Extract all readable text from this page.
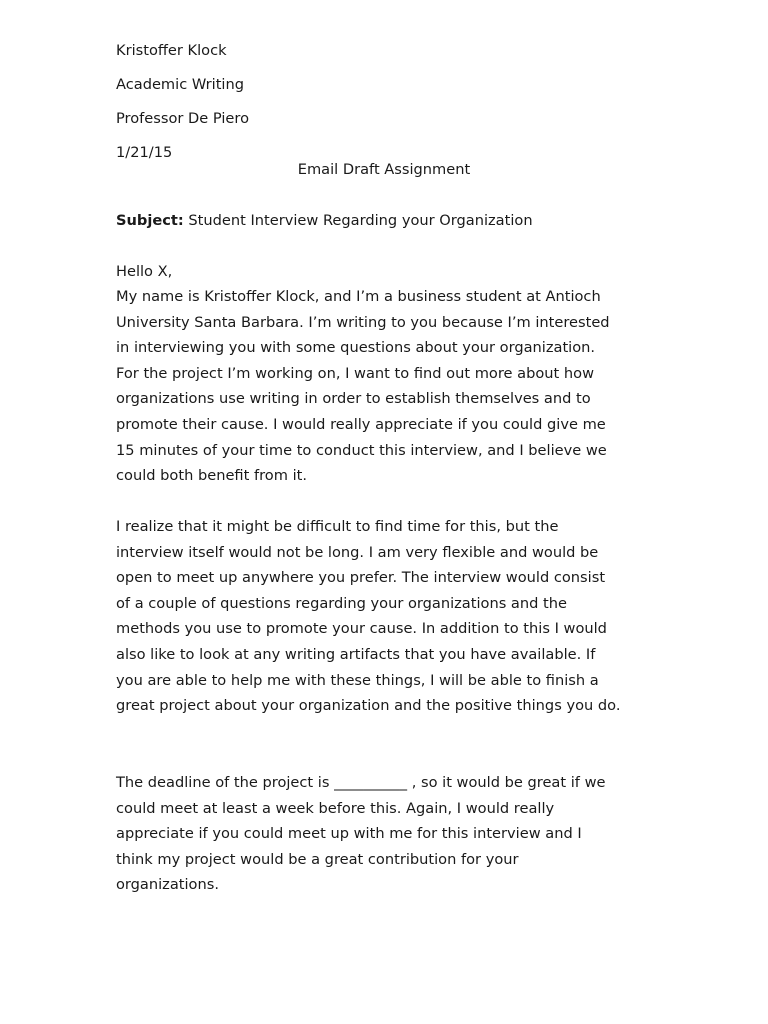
Kristoffer Klock
Academic Writing
Professor De Piero
1/21/15
Email Draft Assignment
Subject: Student Interview Regarding your Organization
Hello X,
My name is Kristoffer Klock, and I’m a business student at Antioch
University Santa Barbara. I’m writing to you because I’m interested
in interviewing you with some questions about your organization.
For the project I’m working on, I want to find out more about how
organizations use writing in order to establish themselves and to
promote their cause. I would really appreciate if you could give me
15 minutes of your time to conduct this interview, and I believe we
could both benefit from it.
I realize that it might be difficult to find time for this, but the
interview itself would not be long. I am very flexible and would be
open to meet up anywhere you prefer. The interview would consist
of a couple of questions regarding your organizations and the
methods you use to promote your cause. In addition to this I would
also like to look at any writing artifacts that you have available. If
you are able to help me with these things, I will be able to finish a
great project about your organization and the positive things you do.
The deadline of the project is __________ , so it would be great if we
could meet at least a week before this. Again, I would really
appreciate if you could meet up with me for this interview and I
think my project would be a great contribution for your
organizations.
